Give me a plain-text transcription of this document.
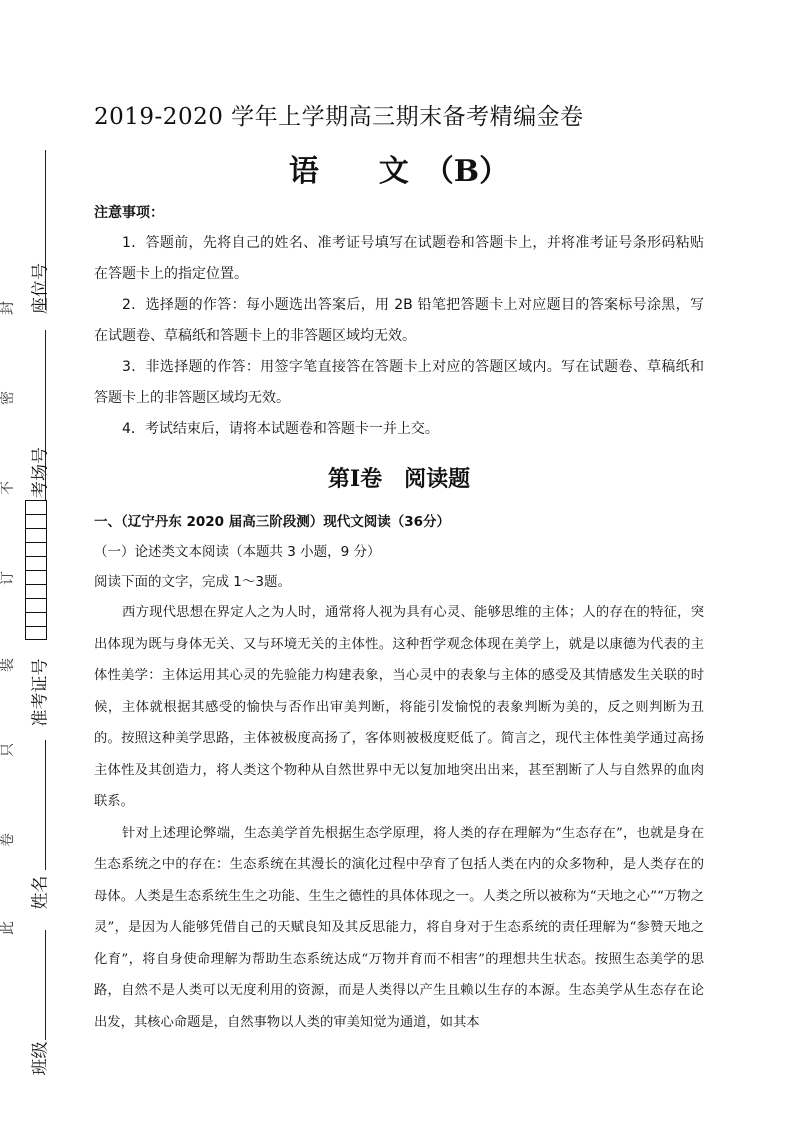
座位号
考场号
准考证号
姓名
班级
封
密
不
订
装
只
卷
此
2019-2020 学年上学期高三期末备考精编金卷
语　　文　（B）
注意事项：

1．答题前，先将自己的姓名、准考证号填写在试题卷和答题卡上，并将准考证号条形码粘贴在答题卡上的指定位置。

2．选择题的作答：每小题选出答案后，用 2B 铅笔把答题卡上对应题目的答案标号涂黑，写在试题卷、草稿纸和答题卡上的非答题区域均无效。

3．非选择题的作答：用签字笔直接答在答题卡上对应的答题区域内。写在试题卷、草稿纸和答题卡上的非答题区域均无效。

4．考试结束后，请将本试题卷和答题卡一并上交。

第Ⅰ卷　阅读题
一、（辽宁丹东 2020 届高三阶段测）现代文阅读（36分）
（一）论述类文本阅读（本题共 3 小题，9 分）
阅读下面的文字，完成 1～3题。

西方现代思想在界定人之为人时，通常将人视为具有心灵、能够思维的主体；人的存在的特征，突出体现为既与身体无关、又与环境无关的主体性。这种哲学观念体现在美学上，就是以康德为代表的主体性美学：主体运用其心灵的先验能力构建表象，当心灵中的表象与主体的感受及其情感发生关联的时候，主体就根据其感受的愉快与否作出审美判断，将能引发愉悦的表象判断为美的，反之则判断为丑的。按照这种美学思路，主体被极度高扬了，客体则被极度贬低了。简言之，现代主体性美学通过高扬主体性及其创造力，将人类这个物种从自然世界中无以复加地突出出来，甚至割断了人与自然界的血肉联系。

针对上述理论弊端，生态美学首先根据生态学原理，将人类的存在理解为“生态存在”，也就是身在生态系统之中的存在：生态系统在其漫长的演化过程中孕育了包括人类在内的众多物种，是人类存在的母体。人类是生态系统生生之功能、生生之德性的具体体现之一。人类之所以被称为“天地之心”“万物之灵”，是因为人能够凭借自己的天赋良知及其反思能力，将自身对于生态系统的责任理解为“参赞天地之化育”，将自身使命理解为帮助生态系统达成“万物并育而不相害”的理想共生状态。按照生态美学的思路，自然不是人类可以无度利用的资源，而是人类得以产生且赖以生存的本源。生态美学从生态存在论出发，其核心命题是，自然事物以人类的审美知觉为通道，如其本
